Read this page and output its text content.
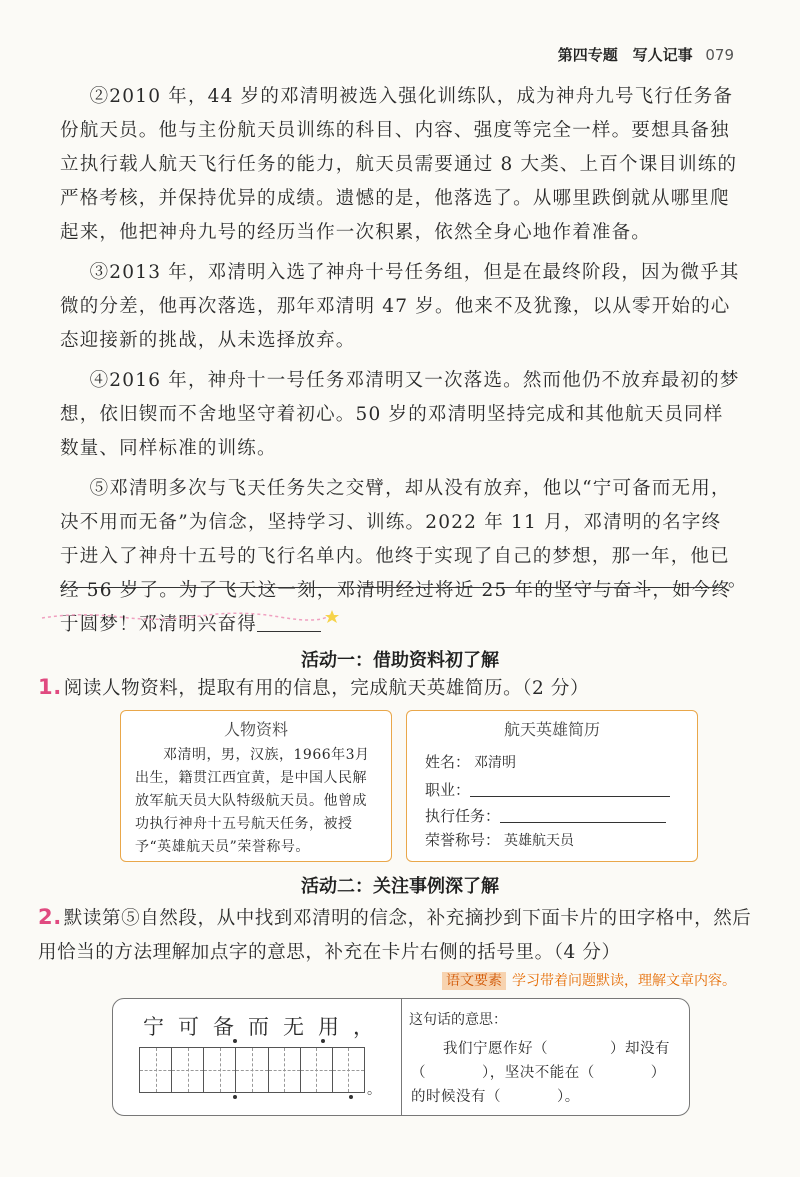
第四专题 写人记事 079

②2010 年，44 岁的邓清明被选入强化训练队，成为神舟九号飞行任务备份航天员。他与主份航天员训练的科目、内容、强度等完全一样。要想具备独立执行载人航天飞行任务的能力，航天员需要通过 8 大类、上百个课目训练的严格考核，并保持优异的成绩。遗憾的是，他落选了。从哪里跌倒就从哪里爬起来，他把神舟九号的经历当作一次积累，依然全身心地作着准备。

③2013 年，邓清明入选了神舟十号任务组，但是在最终阶段，因为微乎其微的分差，他再次落选，那年邓清明 47 岁。他来不及犹豫，以从零开始的心态迎接新的挑战，从未选择放弃。

④2016 年，神舟十一号任务邓清明又一次落选。然而他仍不放弃最初的梦想，依旧锲而不舍地坚守着初心。50 岁的邓清明坚持完成和其他航天员同样数量、同样标准的训练。

⑤邓清明多次与飞天任务失之交臂，却从没有放弃，他以“宁可备而无用，决不用而无备”为信念，坚持学习、训练。2022 年 11 月，邓清明的名字终于进入了神舟十五号的飞行名单内。他终于实现了自己的梦想，那一年，他已经 56 岁了。为了飞天这一刻，邓清明经过将近 25 年的坚守与奋斗，如今终于圆梦！邓清明兴奋得

。
活动一：借助资料初了解
1. 阅读人物资料，提取有用的信息，完成航天英雄简历。（2 分）
人物资料
邓清明，男，汉族，1966年3月出生，籍贯江西宜黄，是中国人民解放军航天员大队特级航天员。他曾成功执行神舟十五号航天任务，被授予“英雄航天员”荣誉称号。
航天英雄简历
姓名： 邓清明
职业：
执行任务：
荣誉称号： 英雄航天员
活动二：关注事例深了解
2. 默读第⑤自然段，从中找到邓清明的信念，补充摘抄到下面卡片的田字格中，然后用恰当的方法理解加点字的意思，补充在卡片右侧的括号里。（4 分）
语文要素 学习带着问题默读，理解文章内容。
宁可备而无用，
。
这句话的意思：
我们宁愿作好（	）却没有
（	），坚决不能在（	）
的时候没有（	）。
